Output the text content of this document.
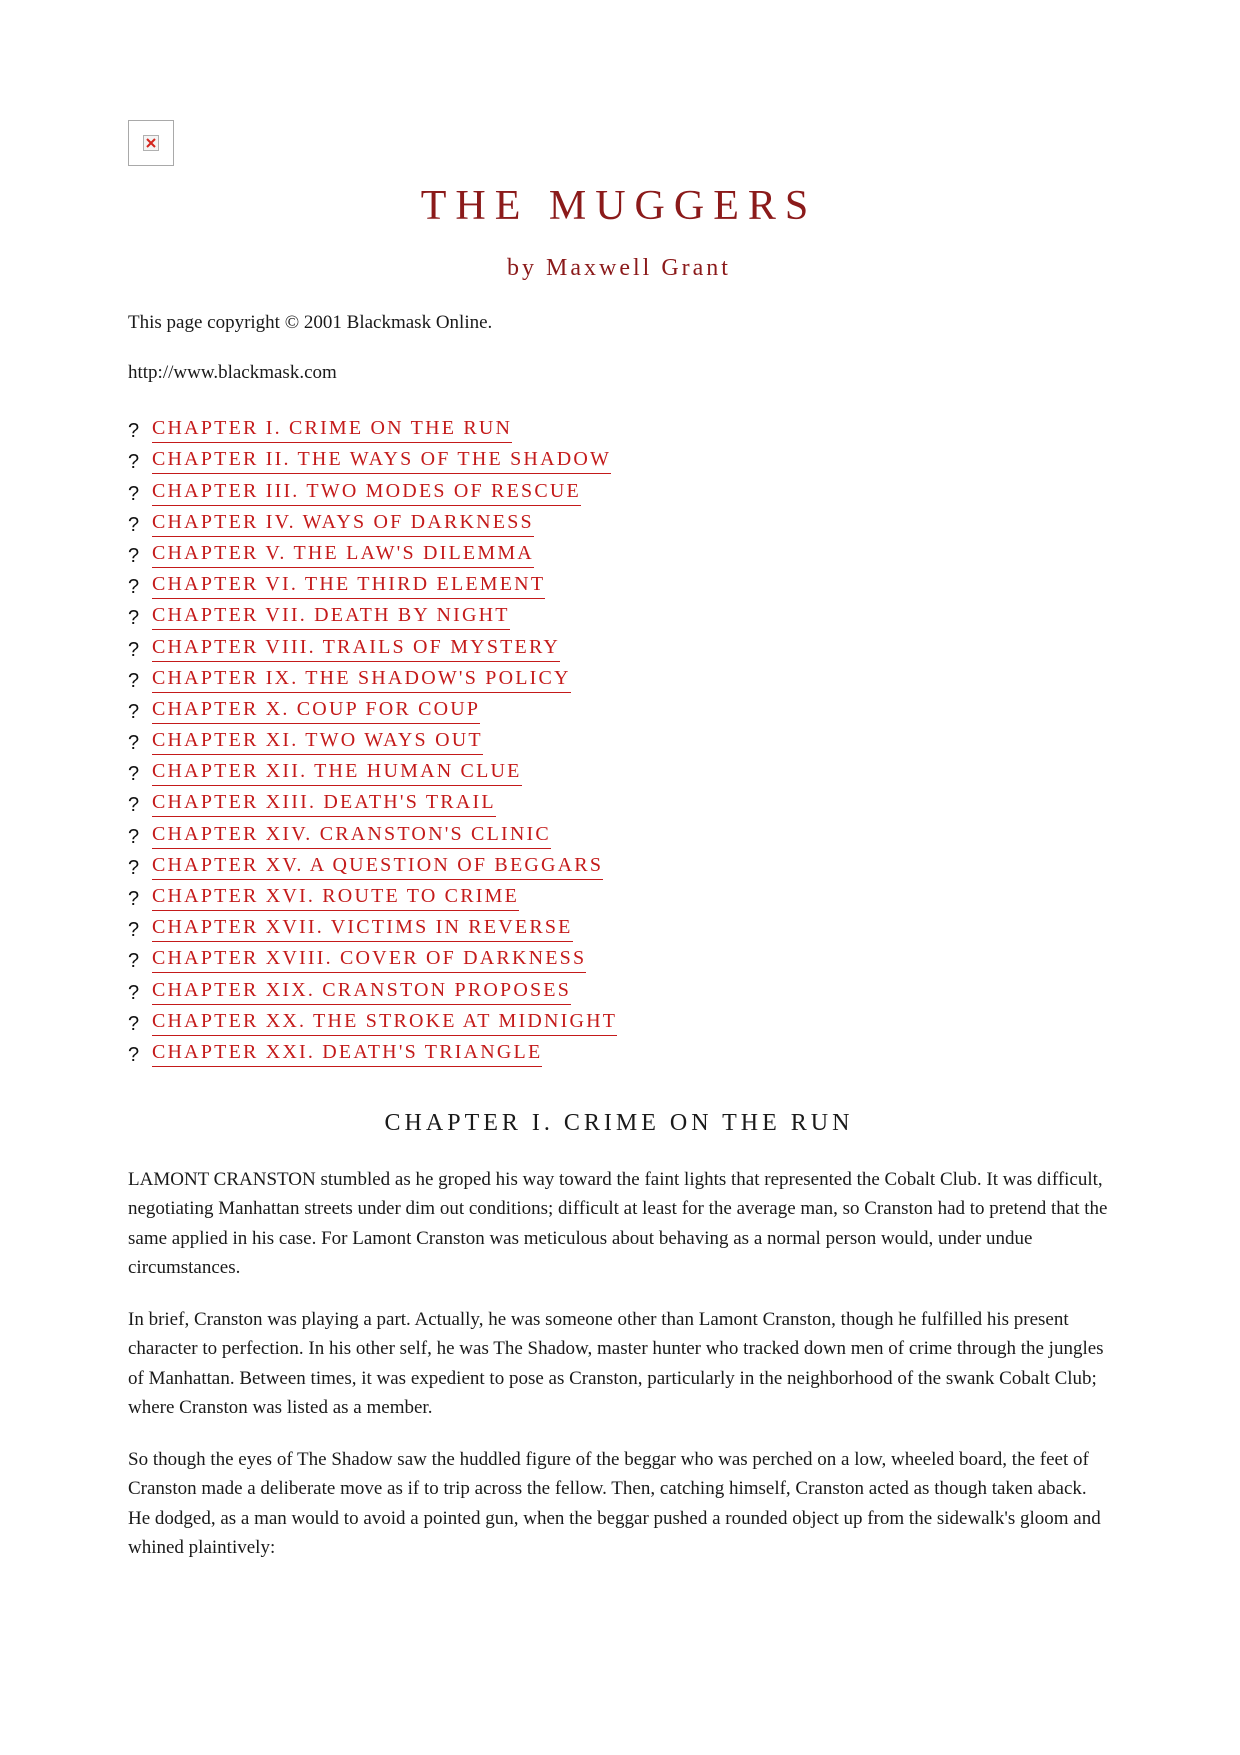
THE MUGGERS
by Maxwell Grant

This page copyright © 2001 Blackmask Online.

http://www.blackmask.com

? CHAPTER I. CRIME ON THE RUN
? CHAPTER II. THE WAYS OF THE SHADOW
? CHAPTER III. TWO MODES OF RESCUE
? CHAPTER IV. WAYS OF DARKNESS
? CHAPTER V. THE LAW'S DILEMMA
? CHAPTER VI. THE THIRD ELEMENT
? CHAPTER VII. DEATH BY NIGHT
? CHAPTER VIII. TRAILS OF MYSTERY
? CHAPTER IX. THE SHADOW'S POLICY
? CHAPTER X. COUP FOR COUP
? CHAPTER XI. TWO WAYS OUT
? CHAPTER XII. THE HUMAN CLUE
? CHAPTER XIII. DEATH'S TRAIL
? CHAPTER XIV. CRANSTON'S CLINIC
? CHAPTER XV. A QUESTION OF BEGGARS
? CHAPTER XVI. ROUTE TO CRIME
? CHAPTER XVII. VICTIMS IN REVERSE
? CHAPTER XVIII. COVER OF DARKNESS
? CHAPTER XIX. CRANSTON PROPOSES
? CHAPTER XX. THE STROKE AT MIDNIGHT
? CHAPTER XXI. DEATH'S TRIANGLE
CHAPTER I. CRIME ON THE RUN

LAMONT CRANSTON stumbled as he groped his way toward the faint lights that represented the Cobalt Club. It was difficult, negotiating Manhattan streets under dim out conditions; difficult at least for the average man, so Cranston had to pretend that the same applied in his case. For Lamont Cranston was meticulous about behaving as a normal person would, under undue circumstances.

In brief, Cranston was playing a part. Actually, he was someone other than Lamont Cranston, though he fulfilled his present character to perfection. In his other self, he was The Shadow, master hunter who tracked down men of crime through the jungles of Manhattan. Between times, it was expedient to pose as Cranston, particularly in the neighborhood of the swank Cobalt Club; where Cranston was listed as a member.

So though the eyes of The Shadow saw the huddled figure of the beggar who was perched on a low, wheeled board, the feet of Cranston made a deliberate move as if to trip across the fellow. Then, catching himself, Cranston acted as though taken aback. He dodged, as a man would to avoid a pointed gun, when the beggar pushed a rounded object up from the sidewalk's gloom and whined plaintively:
